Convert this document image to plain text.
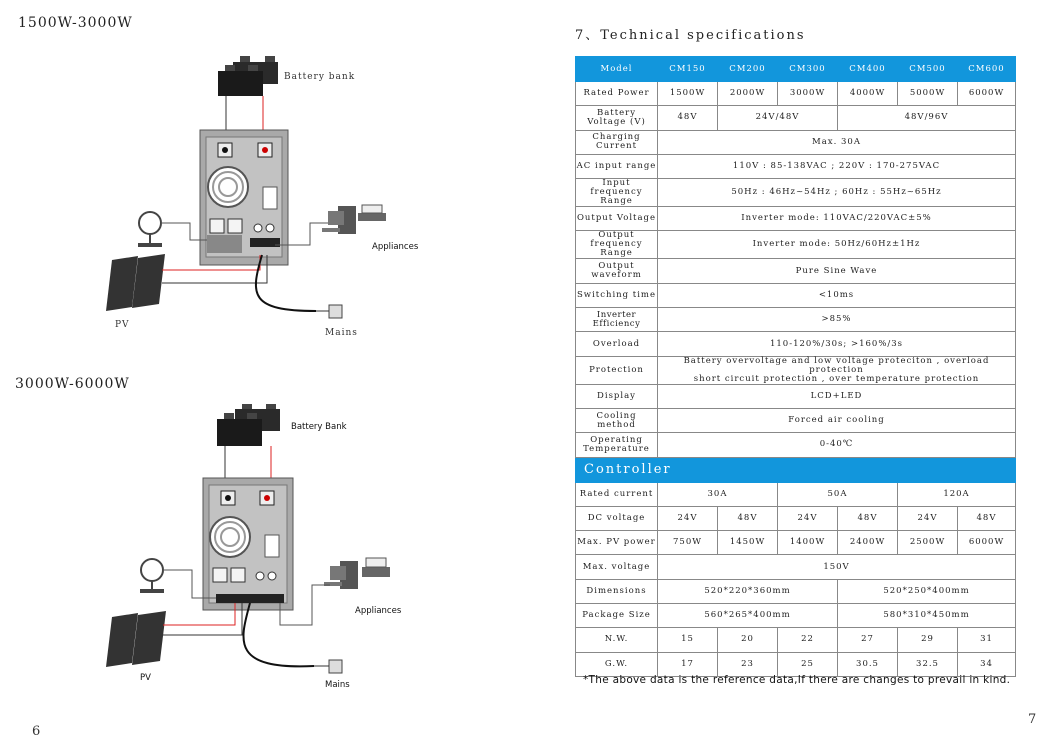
1500W-3000W
3000W-6000W
6
Battery bank
Appliances
PV
Mains
Battery Bank
Appliances
PV
Mains
7、Technical specifications
Model	CM150	CM200	CM300	CM400	CM500	CM600
Rated Power	1500W	2000W	3000W	4000W	5000W	6000W
Battery Voltage (V)	48V	24V/48V		48V/96V		
Charging Current	Max. 30A					
AC input range	110V : 85-138VAC ; 220V : 170-275VAC					
Input frequency Range	50Hz : 46Hz~54Hz ; 60Hz : 55Hz~65Hz					
Output Voltage	Inverter mode: 110VAC/220VAC±5%					
Output frequency Range	Inverter mode: 50Hz/60Hz±1Hz					
Output waveform	Pure Sine Wave					
Switching time	<10ms					
Inverter Efficiency	>85%					
Overload	110-120%/30s; >160%/3s					
Protection	Battery overvoltage and low voltage proteciton , overload protection
short circuit protection , over temperature protection					

Display	LCD+LED					
Cooling method	Forced air cooling					
Operating Temperature	0-40℃					
Controller						
Rated current	30A		50A		120A	
DC voltage	24V	48V	24V	48V	24V	48V
Max. PV power	750W	1450W	1400W	2400W	2500W	6000W
Max. voltage	150V					
Dimensions	520*220*360mm			520*250*400mm		
Package Size	560*265*400mm			580*310*450mm		
N.W.	15	20	22	27	29	31
G.W.	17	23	25	30.5	32.5	34
*The above data is the reference data,If there are changes to prevail in kind.
7
